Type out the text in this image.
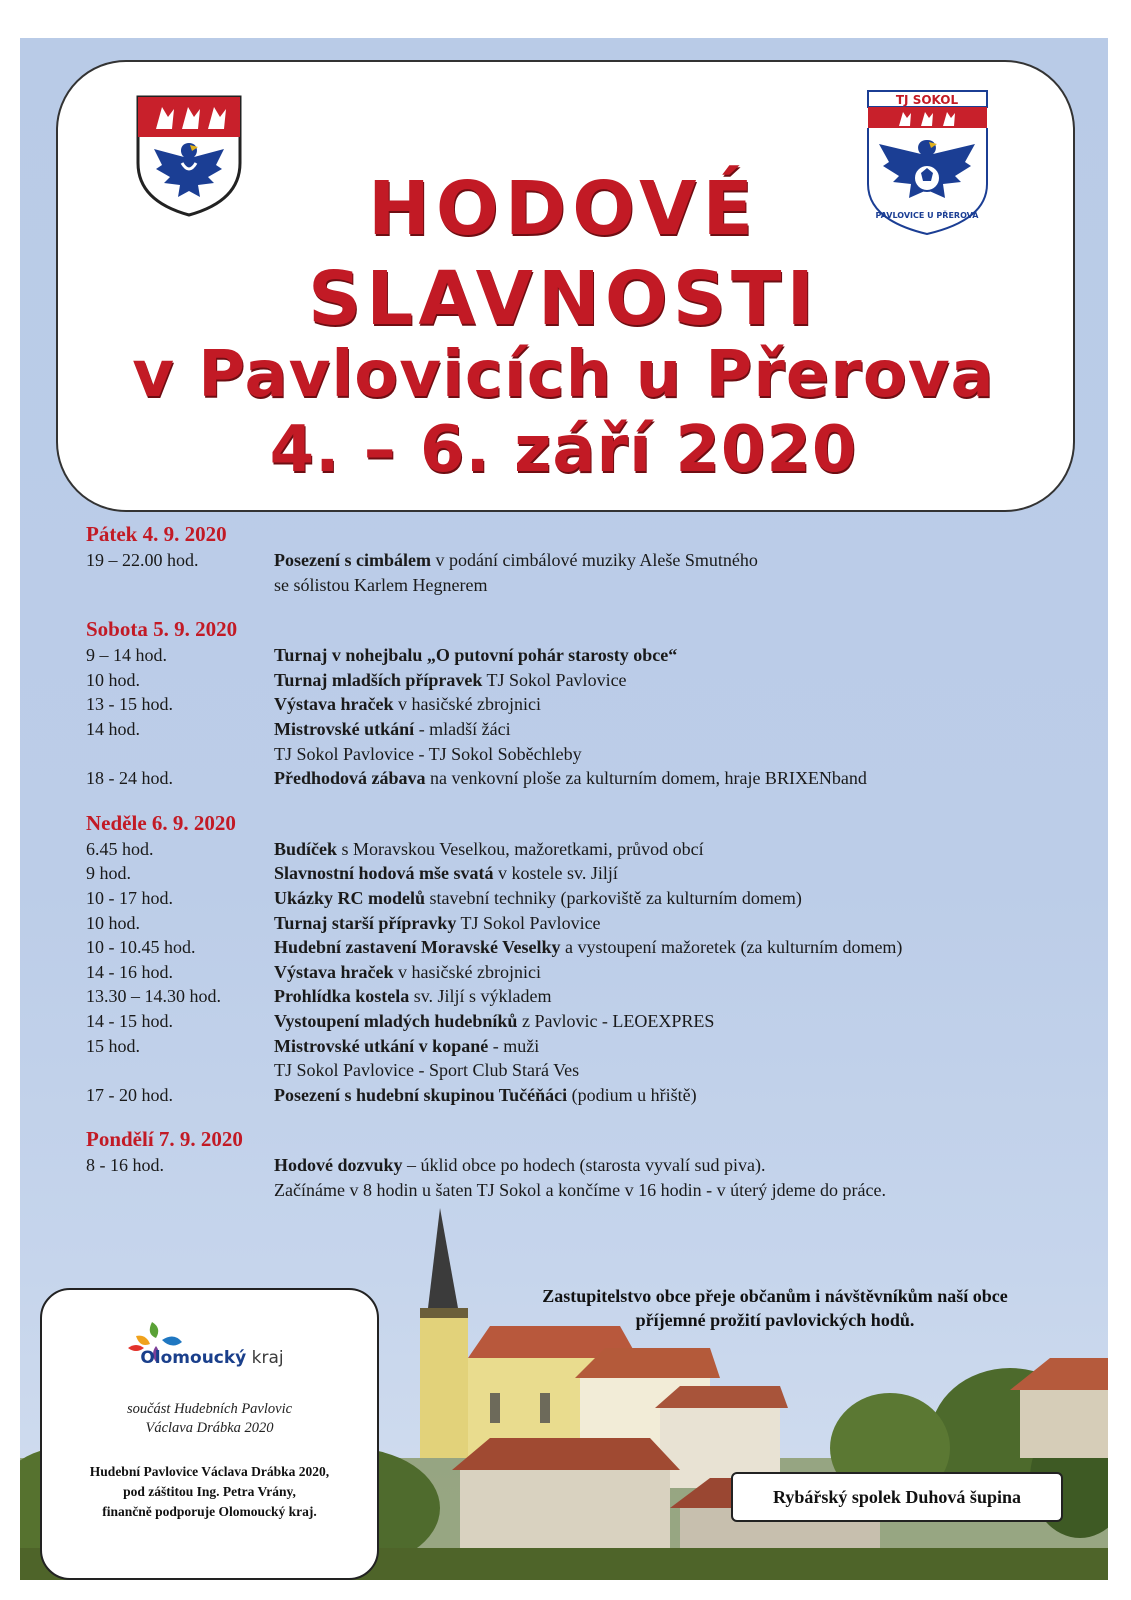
TJ SOKOL
PAVLOVICE U PŘEROVA
HODOVÉ
SLAVNOSTI
v Pavlovicích u Přerova
4. – 6. září 2020
Pátek 4. 9. 2020
19 – 22.00 hod.	Posezení s cimbálem v podání cimbálové muziky Aleše Smutného
se sólistou Karlem Hegnerem
Sobota 5. 9. 2020
9 – 14 hod.	Turnaj v nohejbalu „O putovní pohár starosty obce“
10 hod.	Turnaj mladších přípravek TJ Sokol Pavlovice
13 - 15 hod.	Výstava hraček v hasičské zbrojnici
14 hod.	Mistrovské utkání - mladší žáci
TJ Sokol Pavlovice - TJ Sokol Soběchleby
18 - 24 hod.	Předhodová zábava na venkovní ploše za kulturním domem, hraje BRIXENband
Neděle 6. 9. 2020
6.45 hod.	Budíček s Moravskou Veselkou, mažoretkami, průvod obcí
9 hod.	Slavnostní hodová mše svatá v kostele sv. Jiljí
10 - 17 hod.	Ukázky RC modelů stavební techniky (parkoviště za kulturním domem)
10 hod.	Turnaj starší přípravky TJ Sokol Pavlovice
10 - 10.45 hod.	Hudební zastavení Moravské Veselky a vystoupení mažoretek (za kulturním domem)
14 - 16 hod.	Výstava hraček v hasičské zbrojnici
13.30 – 14.30 hod.	Prohlídka kostela sv. Jiljí s výkladem
14 - 15 hod.	Vystoupení mladých hudebníků z Pavlovic - LEOEXPRES
15 hod.	Mistrovské utkání v kopané - muži
TJ Sokol Pavlovice - Sport Club Stará Ves
17 - 20 hod.	Posezení s hudební skupinou Tučéňáci (podium u hřiště)
Pondělí 7. 9. 2020
8 - 16 hod.	Hodové dozvuky – úklid obce po hodech (starosta vyvalí sud piva).
Začínáme v 8 hodin u šaten TJ Sokol a končíme v 16 hodin - v úterý jdeme do práce.
Zastupitelstvo obce přeje občanům i návštěvníkům naší obce
příjemné prožití pavlovických hodů.
Olomoucký kraj
součást Hudebních Pavlovic
Václava Drábka 2020
Hudební Pavlovice Václava Drábka 2020,
pod záštitou Ing. Petra Vrány,
finančně podporuje Olomoucký kraj.
Rybářský spolek Duhová šupina
